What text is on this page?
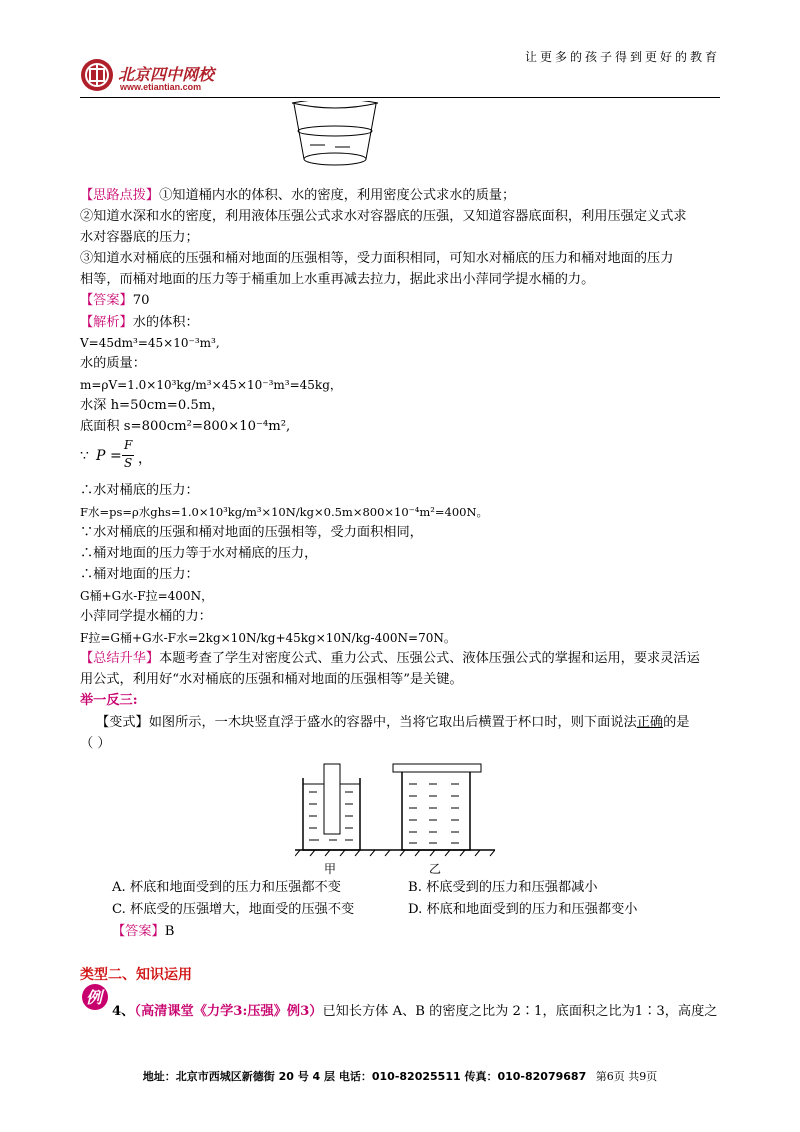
北京四中网校
www.etiantian.com
让更多的孩子得到更好的教育
【思路点拨】①知道桶内水的体积、水的密度，利用密度公式求水的质量；
②知道水深和水的密度，利用液体压强公式求水对容器底的压强，又知道容器底面积，利用压强定义式求
水对容器底的压力；
③知道水对桶底的压强和桶对地面的压强相等，受力面积相同，可知水对桶底的压力和桶对地面的压力
相等，而桶对地面的压力等于桶重加上水重再减去拉力，据此求出小萍同学提水桶的力。
【答案】70
【解析】水的体积：
V=45dm³=45×10⁻³m³,
水的质量：
m=ρV=1.0×10³kg/m³×45×10⁻³m³=45kg，
水深 h=50cm=0.5m，
底面积 s=800cm²=800×10⁻⁴m²,
∵ P =
F
S ，
∴水对桶底的压力：
F水=ps=ρ水ghs=1.0×10³kg/m³×10N/kg×0.5m×800×10⁻⁴m²=400N。
∵水对桶底的压强和桶对地面的压强相等，受力面积相同，
∴桶对地面的压力等于水对桶底的压力，
∴桶对地面的压力：
G桶+G水-F拉=400N，
小萍同学提水桶的力：
F拉=G桶+G水-F水=2kg×10N/kg+45kg×10N/kg-400N=70N。
【总结升华】本题考查了学生对密度公式、重力公式、压强公式、液体压强公式的掌握和运用，要求灵活运
用公式，利用好“水对桶底的压强和桶对地面的压强相等”是关键。
举一反三:
【变式】如图所示，一木块竖直浮于盛水的容器中，当将它取出后横置于杯口时，则下面说法正确的是
（ ）
甲	乙
A. 杯底和地面受到的压力和压强都不变	B. 杯底受到的压力和压强都减小
C. 杯底受的压强增大，地面受的压强不变	D. 杯底和地面受到的压力和压强都变小
【答案】B
类型二、知识运用
例
4、（高清课堂《力学3:压强》例3）已知长方体 A、B 的密度之比为 2∶1，底面积之比为1∶3，高度之
地址：北京市西城区新德街 20 号 4 层 电话：010-82025511 传真：010-82079687 第6页 共9页
